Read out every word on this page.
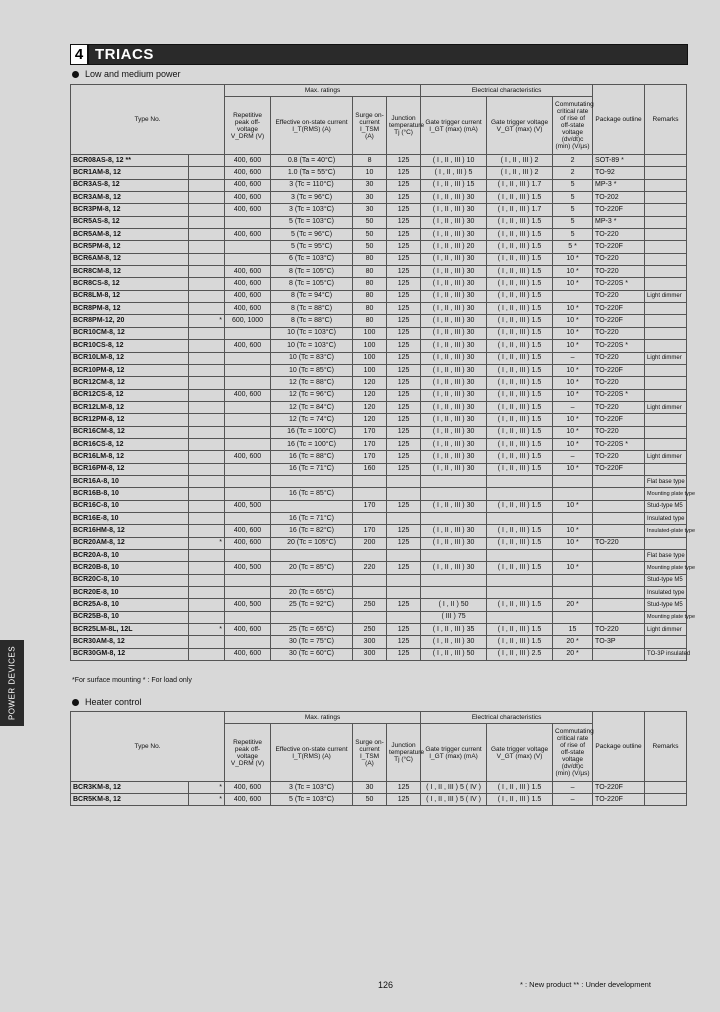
4 TRIACS
Low and medium power
Type No.		Max. ratings				Electrical characteristics			Package outline	Remarks
		Repetitive peak off-voltage V_DRM (V)	Effective on-state current I_T(RMS) (A)	Surge on-current I_TSM (A)	Junction temperature Tj (°C)	Gate trigger current I_GT (max) (mA)	Gate trigger voltage V_GT (max) (V)	Commutating critical rate of rise of off-state voltage (dv/dt)c (min) (V/µs)		
BCR08AS-8, 12 **		400, 600	0.8 (Ta = 40°C)	8	125	( I , II , III ) 10	( I , II , III ) 2	2	SOT-89 *	
BCR1AM-8, 12		400, 600	1.0 (Ta = 55°C)	10	125	( I , II , III ) 5	( I , II , III ) 2	2	TO-92	
BCR3AS-8, 12		400, 600	3 (Tc = 110°C)	30	125	( I , II , III ) 15	( I , II , III ) 1.7	5	MP-3 *	
BCR3AM-8, 12		400, 600	3 (Tc = 96°C)	30	125	( I , II , III ) 30	( I , II , III ) 1.5	5	TO-202	
BCR3PM-8, 12		400, 600	3 (Tc = 103°C)	30	125	( I , II , III ) 30	( I , II , III ) 1.7	5	TO-220F	
BCR5AS-8, 12			5 (Tc = 103°C)	50	125	( I , II , III ) 30	( I , II , III ) 1.5	5	MP-3 *	
BCR5AM-8, 12		400, 600	5 (Tc = 96°C)	50	125	( I , II , III ) 30	( I , II , III ) 1.5	5	TO-220	
BCR5PM-8, 12			5 (Tc = 95°C)	50	125	( I , II , III ) 20	( I , II , III ) 1.5	5 *	TO-220F	
BCR6AM-8, 12			6 (Tc = 103°C)	80	125	( I , II , III ) 30	( I , II , III ) 1.5	10 *	TO-220	
BCR8CM-8, 12		400, 600	8 (Tc = 105°C)	80	125	( I , II , III ) 30	( I , II , III ) 1.5	10 *	TO-220	
BCR8CS-8, 12		400, 600	8 (Tc = 105°C)	80	125	( I , II , III ) 30	( I , II , III ) 1.5	10 *	TO-220S *	
BCR8LM-8, 12		400, 600	8 (Tc = 94°C)	80	125	( I , II , III ) 30	( I , II , III ) 1.5		TO-220	Light dimmer
BCR8PM-8, 12		400, 600	8 (Tc = 88°C)	80	125	( I , II , III ) 30	( I , II , III ) 1.5	10 *	TO-220F	
BCR8PM-12, 20	*	600, 1000	8 (Tc = 88°C)	80	125	( I , II , III ) 30	( I , II , III ) 1.5	10 *	TO-220F	
BCR10CM-8, 12			10 (Tc = 103°C)	100	125	( I , II , III ) 30	( I , II , III ) 1.5	10 *	TO-220	
BCR10CS-8, 12		400, 600	10 (Tc = 103°C)	100	125	( I , II , III ) 30	( I , II , III ) 1.5	10 *	TO-220S *	
BCR10LM-8, 12			10 (Tc = 83°C)	100	125	( I , II , III ) 30	( I , II , III ) 1.5	–	TO-220	Light dimmer
BCR10PM-8, 12			10 (Tc = 85°C)	100	125	( I , II , III ) 30	( I , II , III ) 1.5	10 *	TO-220F	
BCR12CM-8, 12			12 (Tc = 88°C)	120	125	( I , II , III ) 30	( I , II , III ) 1.5	10 *	TO-220	
BCR12CS-8, 12		400, 600	12 (Tc = 96°C)	120	125	( I , II , III ) 30	( I , II , III ) 1.5	10 *	TO-220S *	
BCR12LM-8, 12			12 (Tc = 84°C)	120	125	( I , II , III ) 30	( I , II , III ) 1.5	–	TO-220	Light dimmer
BCR12PM-8, 12			12 (Tc = 74°C)	120	125	( I , II , III ) 30	( I , II , III ) 1.5	10 *	TO-220F	
BCR16CM-8, 12			16 (Tc = 100°C)	170	125	( I , II , III ) 30	( I , II , III ) 1.5	10 *	TO-220	
BCR16CS-8, 12			16 (Tc = 100°C)	170	125	( I , II , III ) 30	( I , II , III ) 1.5	10 *	TO-220S *	
BCR16LM-8, 12		400, 600	16 (Tc = 88°C)	170	125	( I , II , III ) 30	( I , II , III ) 1.5	–	TO-220	Light dimmer
BCR16PM-8, 12			16 (Tc = 71°C)	160	125	( I , II , III ) 30	( I , II , III ) 1.5	10 *	TO-220F	
BCR16A-8, 10										Flat base type
BCR16B-8, 10			16 (Tc = 85°C)							Mounting plate type
BCR16C-8, 10		400, 500		170	125	( I , II , III ) 30	( I , II , III ) 1.5	10 *		Stud-type M5
BCR16E-8, 10			16 (Tc = 71°C)							Insulated type
BCR16HM-8, 12		400, 600	16 (Tc = 82°C)	170	125	( I , II , III ) 30	( I , II , III ) 1.5	10 *		Insulated-plate type
BCR20AM-8, 12	*	400, 600	20 (Tc = 105°C)	200	125	( I , II , III ) 30	( I , II , III ) 1.5	10 *	TO-220	
BCR20A-8, 10										Flat base type
BCR20B-8, 10		400, 500	20 (Tc = 85°C)	220	125	( I , II , III ) 30	( I , II , III ) 1.5	10 *		Mounting plate type
BCR20C-8, 10										Stud-type M5
BCR20E-8, 10			20 (Tc = 65°C)							Insulated type
BCR25A-8, 10		400, 500	25 (Tc = 92°C)	250	125	( I , II ) 50	( I , II , III ) 1.5	20 *		Stud-type M5
BCR25B-8, 10						( III ) 75				Mounting plate type
BCR25LM-8L, 12L	*	400, 600	25 (Tc = 65°C)	250	125	( I , II , III ) 35	( I , II , III ) 1.5	15	TO-220	Light dimmer
BCR30AM-8, 12			30 (Tc = 75°C)	300	125	( I , II , III ) 30	( I , II , III ) 1.5	20 *	TO-3P	
BCR30GM-8, 12		400, 600	30 (Tc = 60°C)	300	125	( I , II , III ) 50	( I , II , III ) 2.5	20 *		TO-3P insulated
*For surface mounting * : For load only
Heater control
Type No.		Max. ratings				Electrical characteristics			Package outline	Remarks
		Repetitive peak off-voltage V_DRM (V)	Effective on-state current I_T(RMS) (A)	Surge on-current I_TSM (A)	Junction temperature Tj (°C)	Gate trigger current I_GT (max) (mA)	Gate trigger voltage V_GT (max) (V)	Commutating critical rate of rise of off-state voltage (dv/dt)c (min) (V/µs)		
BCR3KM-8, 12	*	400, 600	3 (Tc = 103°C)	30	125	( I , II , III ) 5 ( IV )	( I , II , III ) 1.5	–	TO-220F	
BCR5KM-8, 12	*	400, 600	5 (Tc = 103°C)	50	125	( I , II , III ) 5 ( IV )	( I , II , III ) 1.5	–	TO-220F	
POWER DEVICES
126	* : New product ** : Under development
